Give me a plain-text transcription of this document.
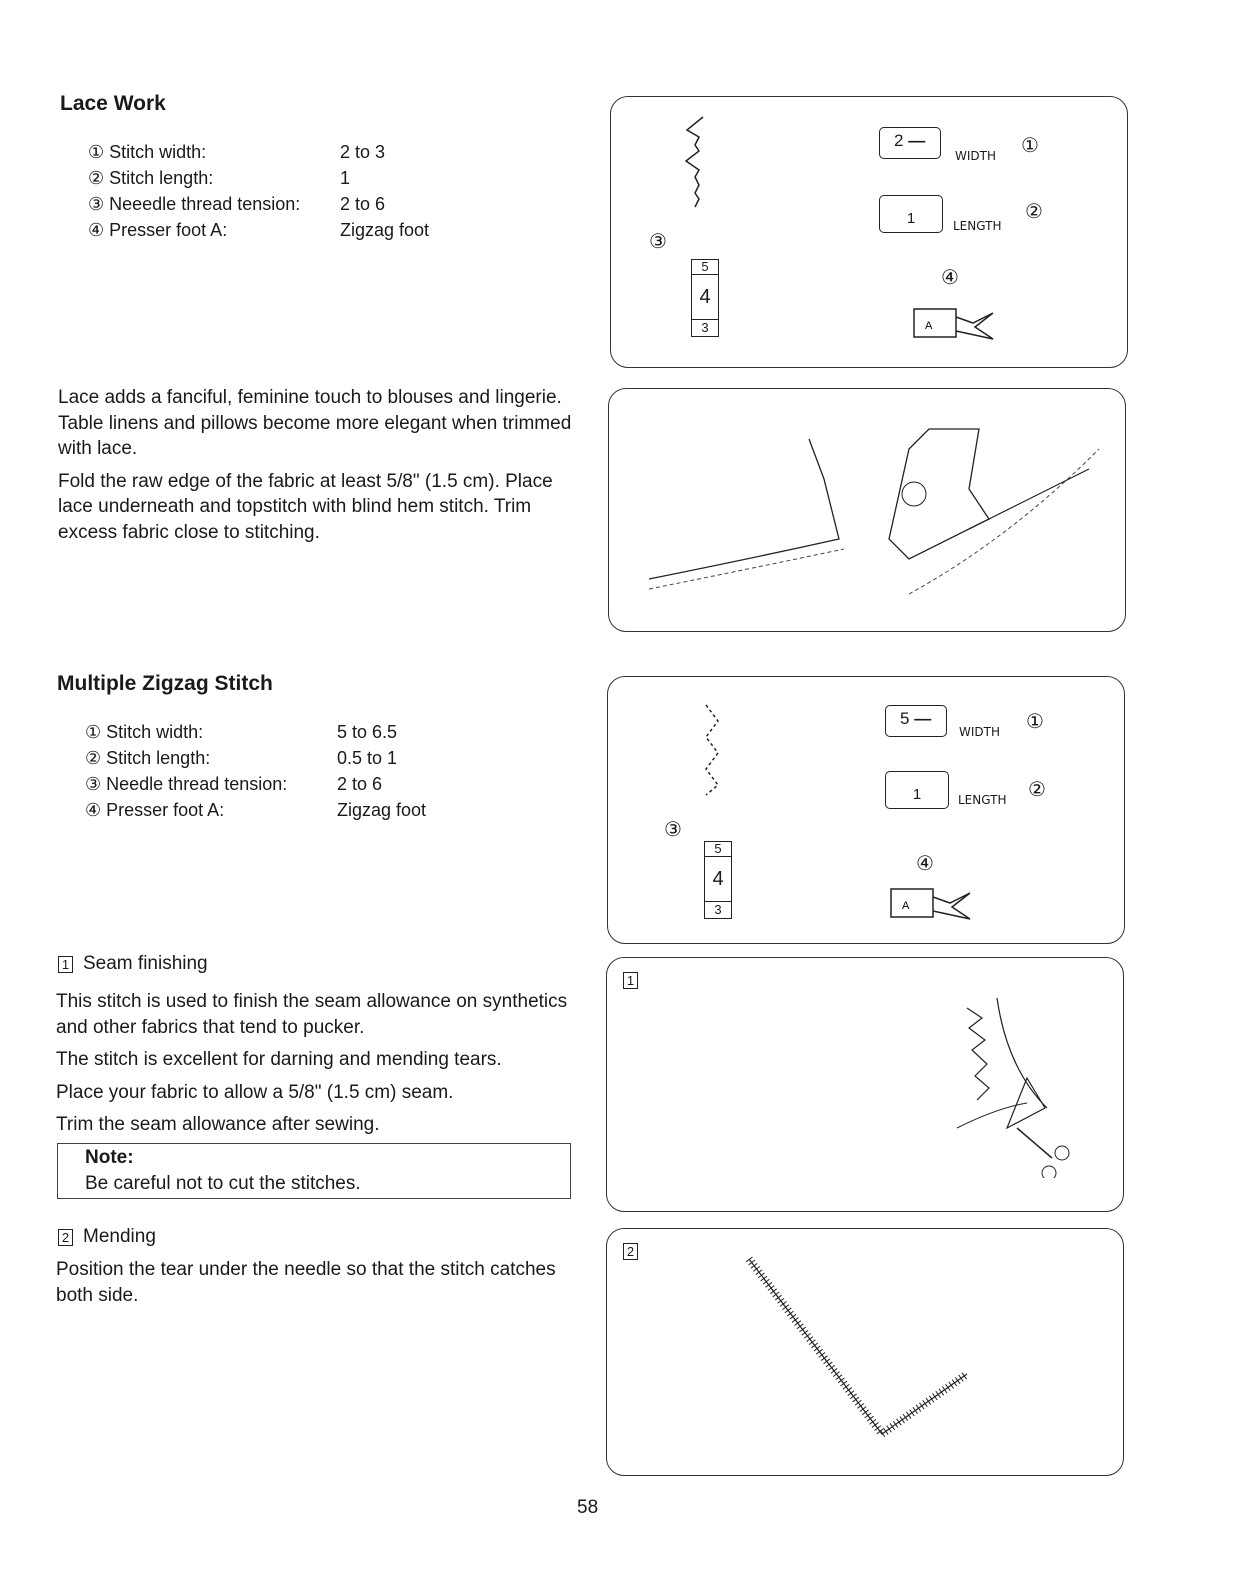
Lace Work
① Stitch width:	2 to 3
② Stitch length:	1
③ Neeedle thread tension:	2 to 6
④ Presser foot A:	Zigzag foot

Lace adds a fanciful, feminine touch to blouses and lingerie. Table linens and pillows become more elegant when trimmed with lace.

Fold the raw edge of the fabric at least 5/8" (1.5 cm). Place lace underneath and topstitch with blind hem stitch. Trim excess fabric close to stitching.

③
5
4
3
2 —
WIDTH ①
1	LENGTH
②
④
A
Multiple Zigzag Stitch
① Stitch width:	5 to 6.5
② Stitch length:	0.5 to 1
③ Needle thread tension:	2 to 6
④ Presser foot A:	Zigzag foot
③
5
4
3
5 —
WIDTH ①
1	LENGTH ②
④
A
1 Seam finishing

This stitch is used to finish the seam allowance on synthetics and other fabrics that tend to pucker.

The stitch is excellent for darning and mending tears.

Place your fabric to allow a 5/8" (1.5 cm) seam.

Trim the seam allowance after sewing.

Note:
Be careful not to cut the stitches.
1
2 Mending

Position the tear under the needle so that the stitch catches both side.

2
58
